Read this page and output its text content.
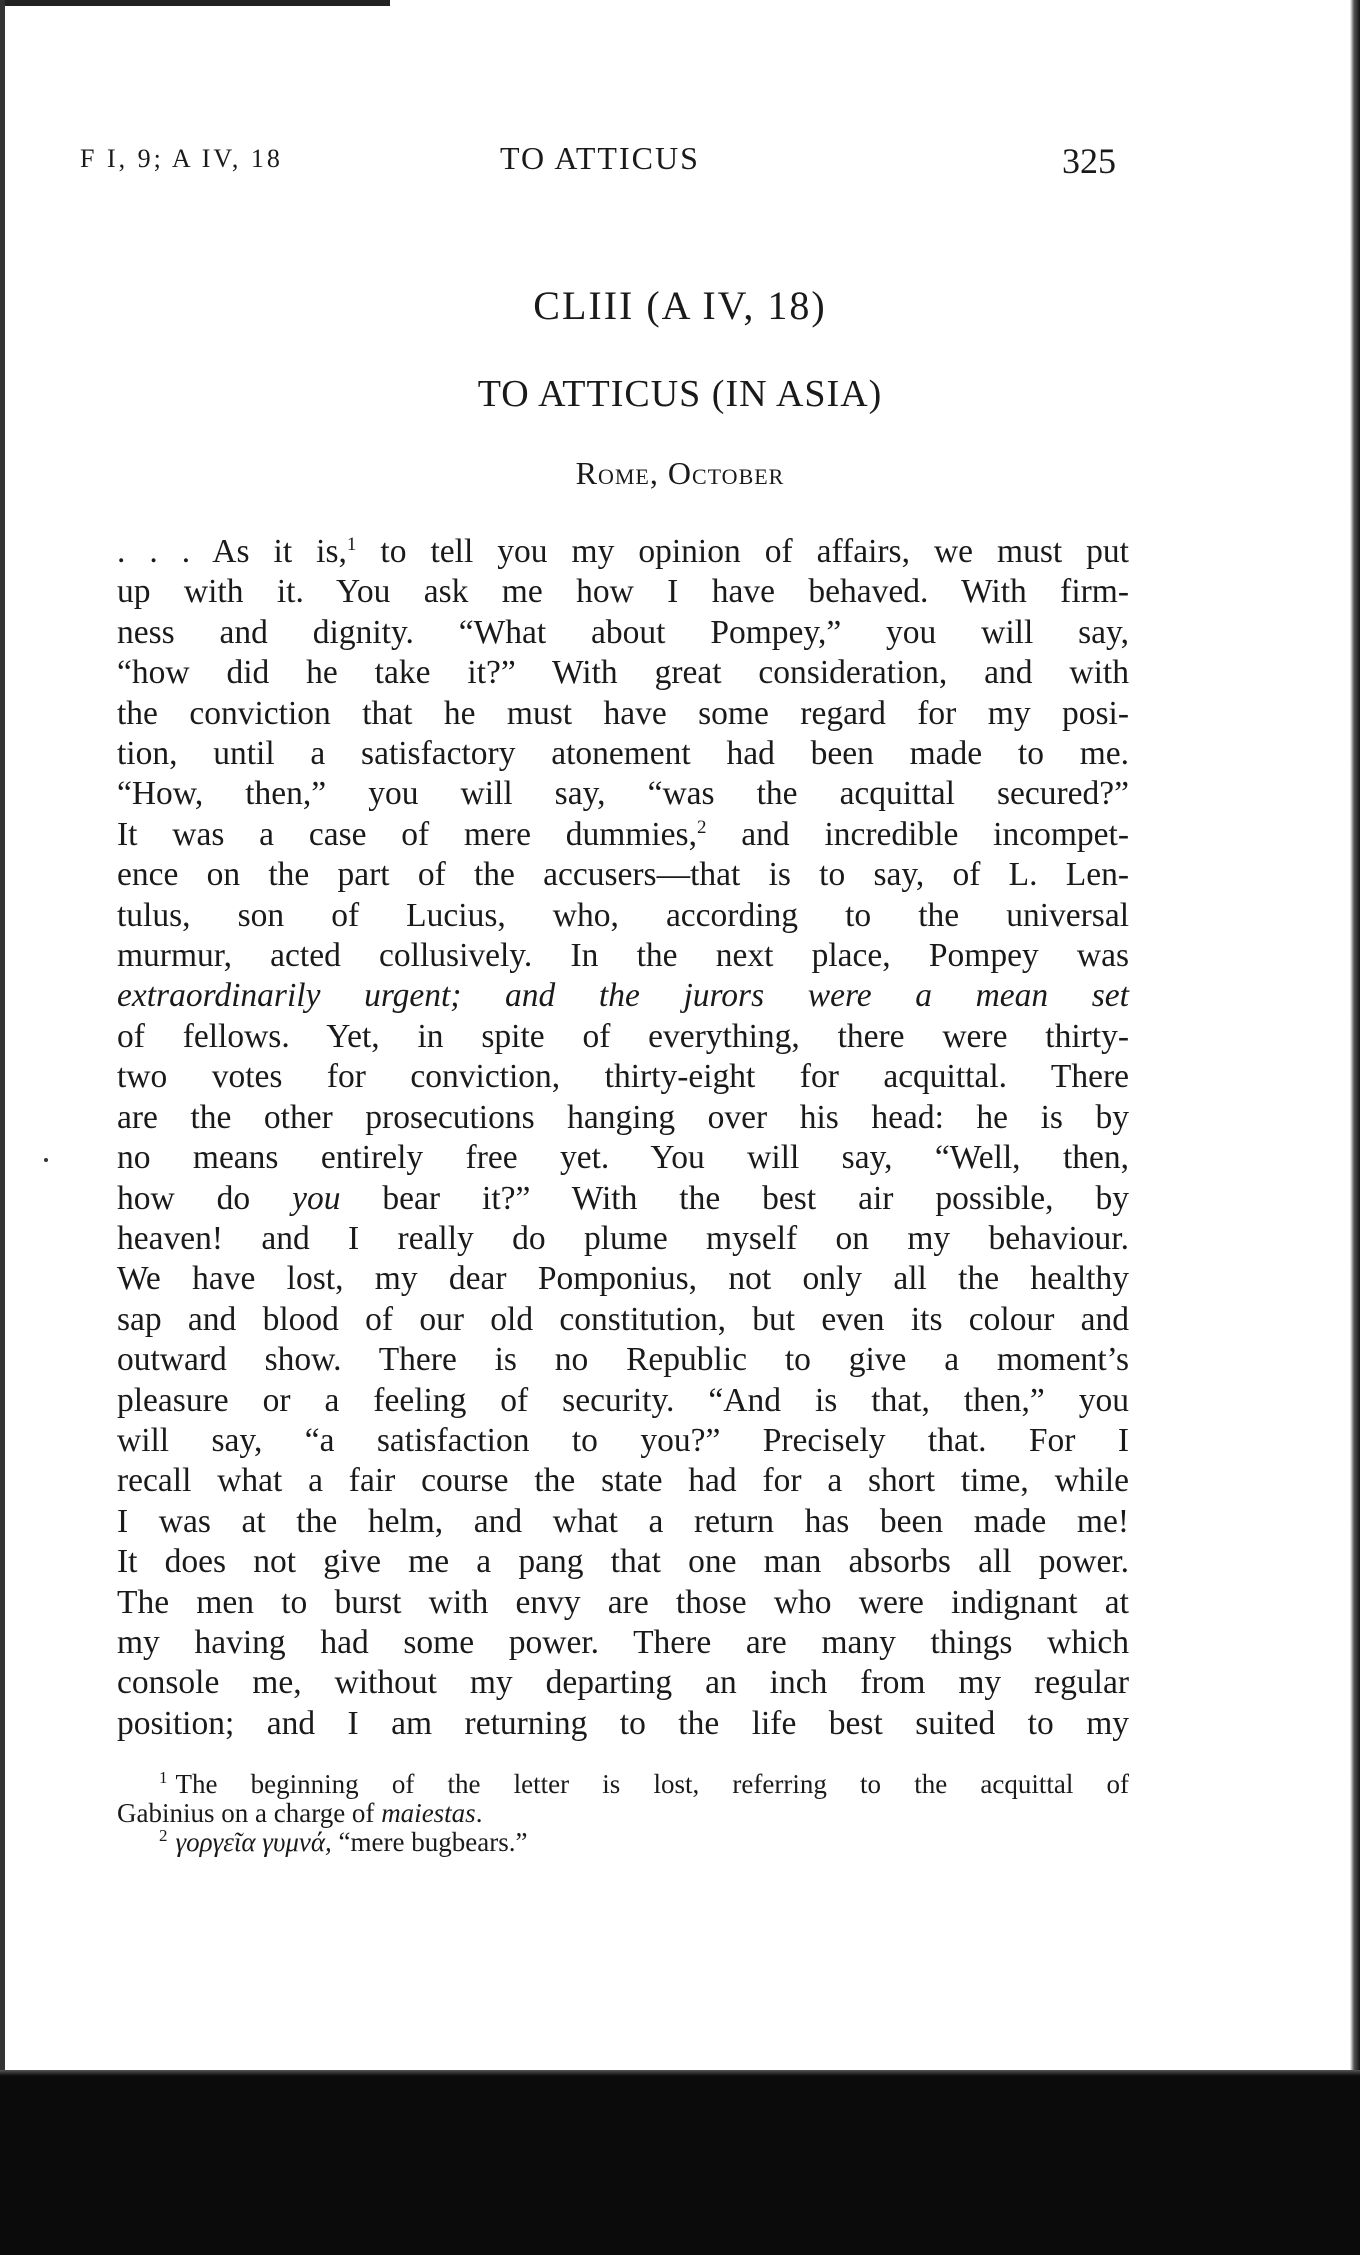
F I, 9; A IV, 18	TO ATTICUS	325
CLIII (A IV, 18)
TO ATTICUS (IN ASIA)
Rome, October
. . . As it is,$^1$ to tell you my opinion of affairs, we must put
up with it. You ask me how I have behaved. With firm-
ness and dignity. “What about Pompey,” you will say,
“how did he take it?” With great consideration, and with
the conviction that he must have some regard for my posi-
tion, until a satisfactory atonement had been made to me.
“How, then,” you will say, “was the acquittal secured?”
It was a case of mere dummies,$^2$ and incredible incompet-
ence on the part of the accusers—that is to say, of L. Len-
tulus, son of Lucius, who, according to the universal
murmur, acted collusively. In the next place, Pompey was
extraordinarily urgent; and the jurors were a mean set
of fellows. Yet, in spite of everything, there were thirty-
two votes for conviction, thirty-eight for acquittal. There
are the other prosecutions hanging over his head: he is by
no means entirely free yet. You will say, “Well, then,
how do you bear it?” With the best air possible, by
heaven! and I really do plume myself on my behaviour.
We have lost, my dear Pomponius, not only all the healthy
sap and blood of our old constitution, but even its colour and
outward show. There is no Republic to give a moment’s
pleasure or a feeling of security. “And is that, then,” you
will say, “a satisfaction to you?” Precisely that. For I
recall what a fair course the state had for a short time, while
I was at the helm, and what a return has been made me!
It does not give me a pang that one man absorbs all power.
The men to burst with envy are those who were indignant at
my having had some power. There are many things which
console me, without my departing an inch from my regular
position; and I am returning to the life best suited to my
$^1$ The beginning of the letter is lost, referring to the acquittal of
Gabinius on a charge of maiestas.
$^2$ γοργεῖα γυμνά, “mere bugbears.”
